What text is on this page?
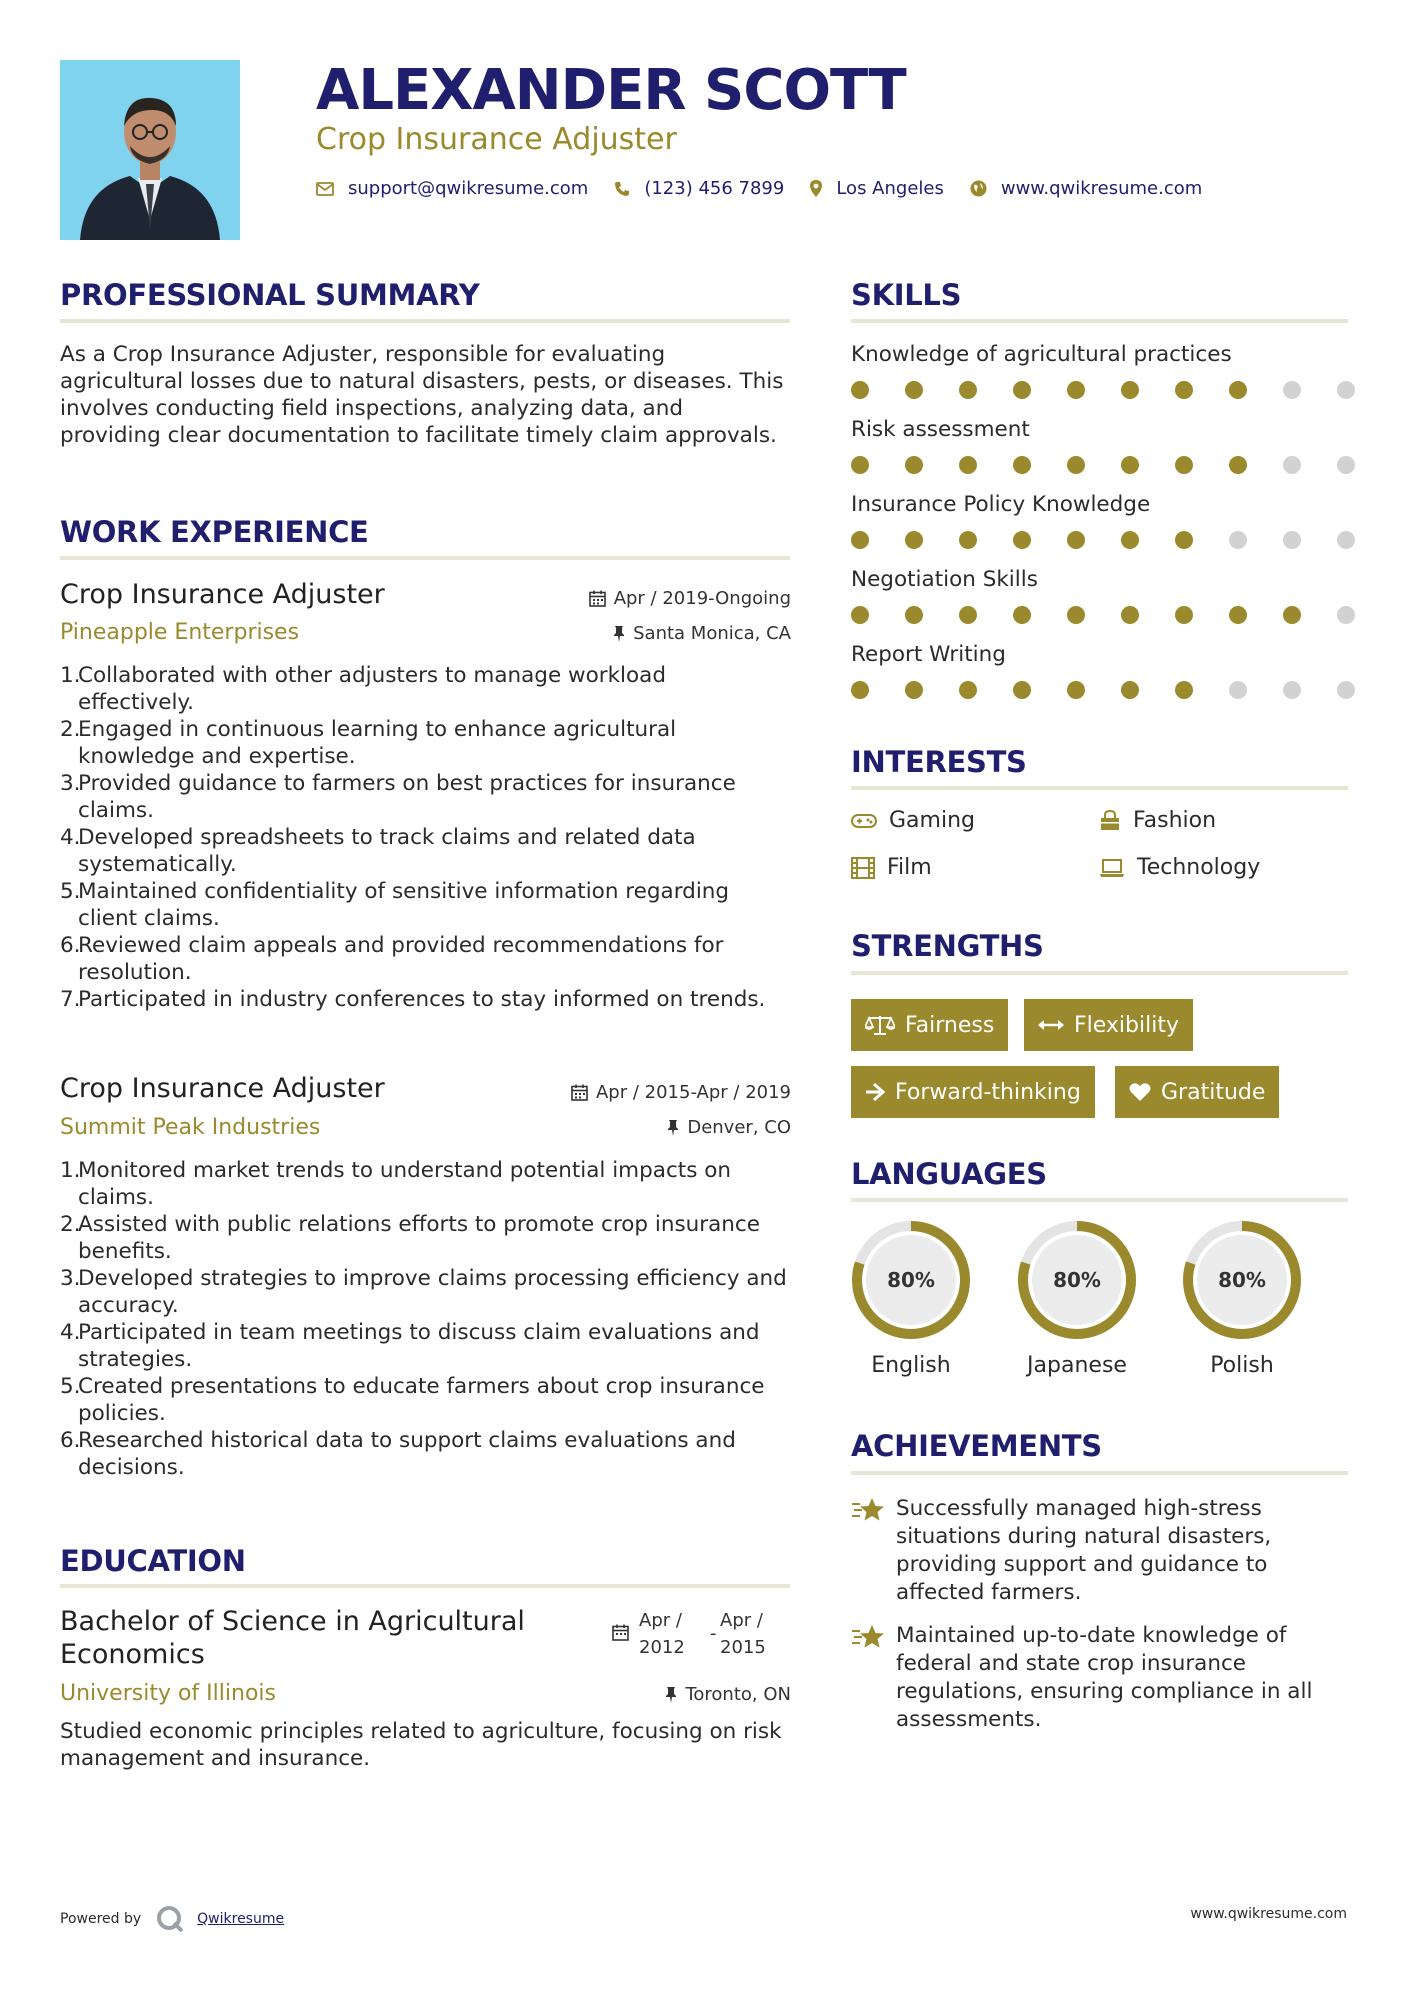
ALEXANDER SCOTT
Crop Insurance Adjuster
support@qwikresume.com	(123) 456 7899	Los Angeles	www.qwikresume.com
PROFESSIONAL SUMMARY
As a Crop Insurance Adjuster, responsible for evaluating agricultural losses due to natural disasters, pests, or diseases. This involves conducting field inspections, analyzing data, and providing clear documentation to facilitate timely claim approvals.
WORK EXPERIENCE
Crop Insurance Adjuster	Apr / 2019-Ongoing
Pineapple Enterprises	Santa Monica, CA
1.
Collaborated with other adjusters to manage workload effectively.
2.
Engaged in continuous learning to enhance agricultural knowledge and expertise.
3.
Provided guidance to farmers on best practices for insurance claims.
4.
Developed spreadsheets to track claims and related data systematically.
5.
Maintained confidentiality of sensitive information regarding client claims.
6.
Reviewed claim appeals and provided recommendations for resolution.
7.
Participated in industry conferences to stay informed on trends.
Crop Insurance Adjuster	Apr / 2015-Apr / 2019
Summit Peak Industries	Denver, CO
1.
Monitored market trends to understand potential impacts on claims.
2.
Assisted with public relations efforts to promote crop insurance benefits.
3.
Developed strategies to improve claims processing efficiency and accuracy.
4.
Participated in team meetings to discuss claim evaluations and strategies.
5.
Created presentations to educate farmers about crop insurance policies.
6.
Researched historical data to support claims evaluations and decisions.
EDUCATION
Bachelor of Science in Agricultural Economics
Apr /
2012
-
Apr /
2015
University of Illinois	Toronto, ON
Studied economic principles related to agriculture, focusing on risk management and insurance.
SKILLS
Knowledge of agricultural practices
Risk assessment
Insurance Policy Knowledge
Negotiation Skills
Report Writing
INTERESTS
Gaming	Fashion
Film	Technology
STRENGTHS
Fairness	Flexibility
Forward-thinking	Gratitude
LANGUAGES
80%
English
80%
Japanese
80%
Polish
ACHIEVEMENTS
Successfully managed high-stress situations during natural disasters, providing support and guidance to affected farmers.
Maintained up-to-date knowledge of federal and state crop insurance regulations, ensuring compliance in all assessments.
Powered by	Qwikresume	www.qwikresume.com
